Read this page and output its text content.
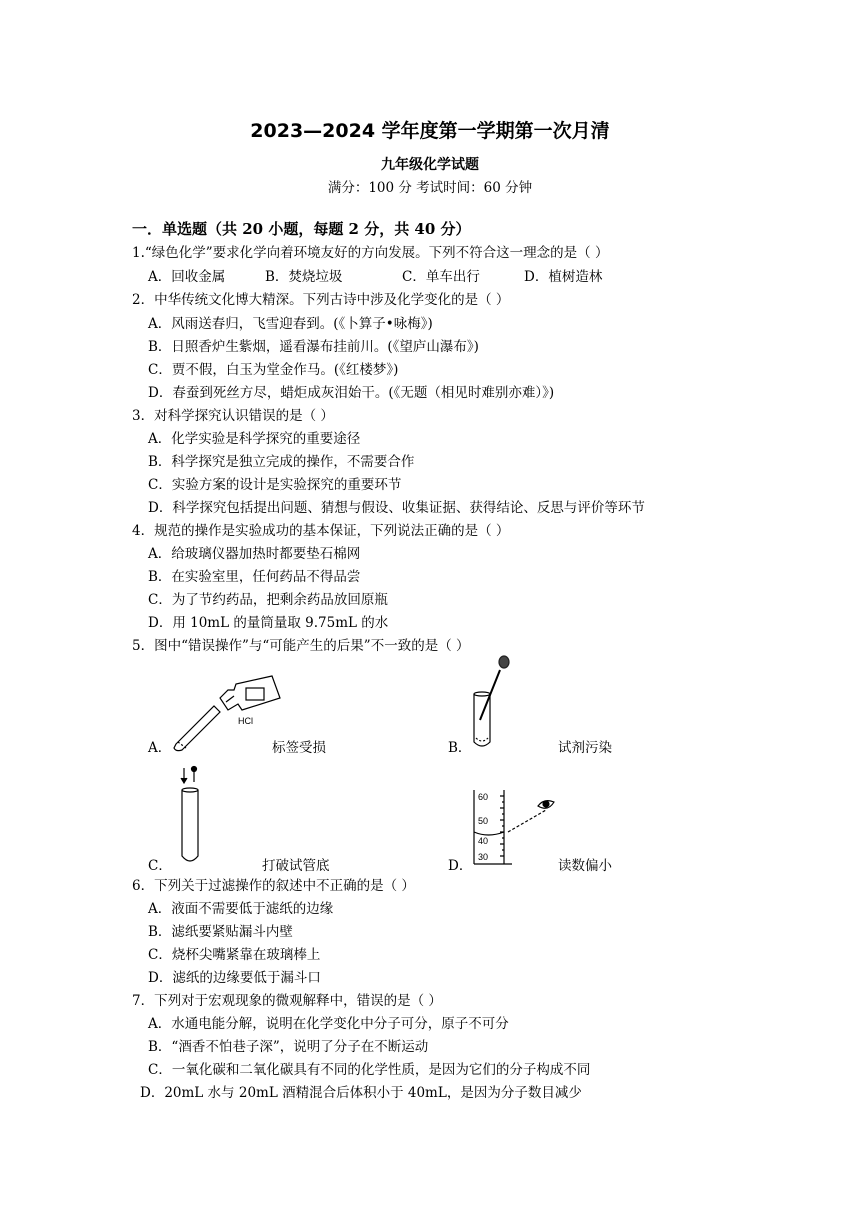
2023—2024 学年度第一学期第一次月清
九年级化学试题
满分：100 分 考试时间：60 分钟
一．单选题（共 20 小题，每题 2 分，共 40 分）
1.“绿色化学”要求化学向着环境友好的方向发展。下列不符合这一理念的是（ ）
A．回收金属	B．焚烧垃圾	C．单车出行	D．植树造林
2．中华传统文化博大精深。下列古诗中涉及化学变化的是（ ）
A．风雨送春归，飞雪迎春到。(《卜算子•咏梅》)
B．日照香炉生紫烟，遥看瀑布挂前川。(《望庐山瀑布》)
C．贾不假，白玉为堂金作马。(《红楼梦》)
D．春蚕到死丝方尽，蜡炬成灰泪始干。(《无题（相见时难别亦难）》)
3．对科学探究认识错误的是（ ）
A．化学实验是科学探究的重要途径
B．科学探究是独立完成的操作，不需要合作
C．实验方案的设计是实验探究的重要环节
D．科学探究包括提出问题、猜想与假设、收集证据、获得结论、反思与评价等环节
4．规范的操作是实验成功的基本保证，下列说法正确的是（ ）
A．给玻璃仪器加热时都要垫石棉网
B．在实验室里，任何药品不得品尝
C．为了节约药品，把剩余药品放回原瓶
D．用 10mL 的量筒量取 9.75mL 的水
5．图中“错误操作”与“可能产生的后果”不一致的是（ ）
HCl
A．	标签受损	B．	试剂污染
C．	打破试管底
60
50
40
30
D．	读数偏小
6．下列关于过滤操作的叙述中不正确的是（ ）
A．液面不需要低于滤纸的边缘
B．滤纸要紧贴漏斗内壁
C．烧杯尖嘴紧靠在玻璃棒上
D．滤纸的边缘要低于漏斗口
7．下列对于宏观现象的微观解释中，错误的是（ ）
A．水通电能分解，说明在化学变化中分子可分，原子不可分
B．“酒香不怕巷子深”，说明了分子在不断运动
C．一氧化碳和二氧化碳具有不同的化学性质，是因为它们的分子构成不同
D．20mL 水与 20mL 酒精混合后体积小于 40mL，是因为分子数目减少
